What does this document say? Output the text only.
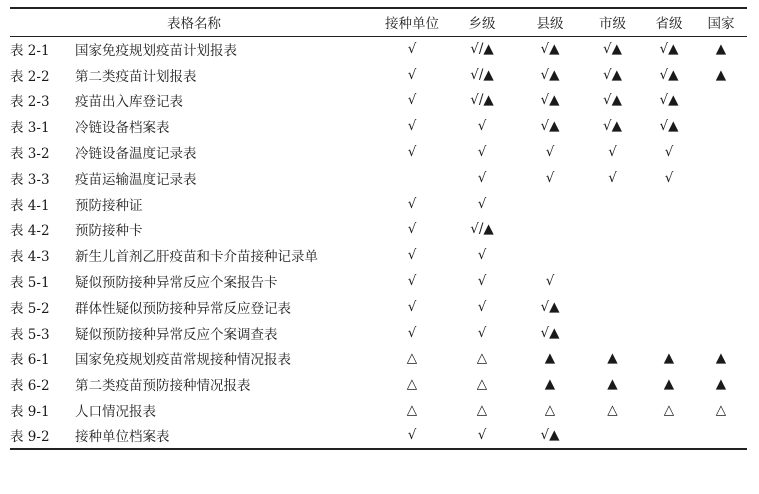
表格名称		接种单位	乡级	县级	市级	省级	国家
表 2-1	国家免疫规划疫苗计划报表	√	√/▲	√▲	√▲	√▲	▲
表 2-2	第二类疫苗计划报表	√	√/▲	√▲	√▲	√▲	▲
表 2-3	疫苗出入库登记表	√	√/▲	√▲	√▲	√▲	
表 3-1	冷链设备档案表	√	√	√▲	√▲	√▲	
表 3-2	冷链设备温度记录表	√	√	√	√	√	
表 3-3	疫苗运输温度记录表		√	√	√	√	
表 4-1	预防接种证	√	√				
表 4-2	预防接种卡	√	√/▲				
表 4-3	新生儿首剂乙肝疫苗和卡介苗接种记录单	√	√				
表 5-1	疑似预防接种异常反应个案报告卡	√	√	√			
表 5-2	群体性疑似预防接种异常反应登记表	√	√	√▲			
表 5-3	疑似预防接种异常反应个案调查表	√	√	√▲			
表 6-1	国家免疫规划疫苗常规接种情况报表	△	△	▲	▲	▲	▲
表 6-2	第二类疫苗预防接种情况报表	△	△	▲	▲	▲	▲
表 9-1	人口情况报表	△	△	△	△	△	△
表 9-2	接种单位档案表	√	√	√▲			
